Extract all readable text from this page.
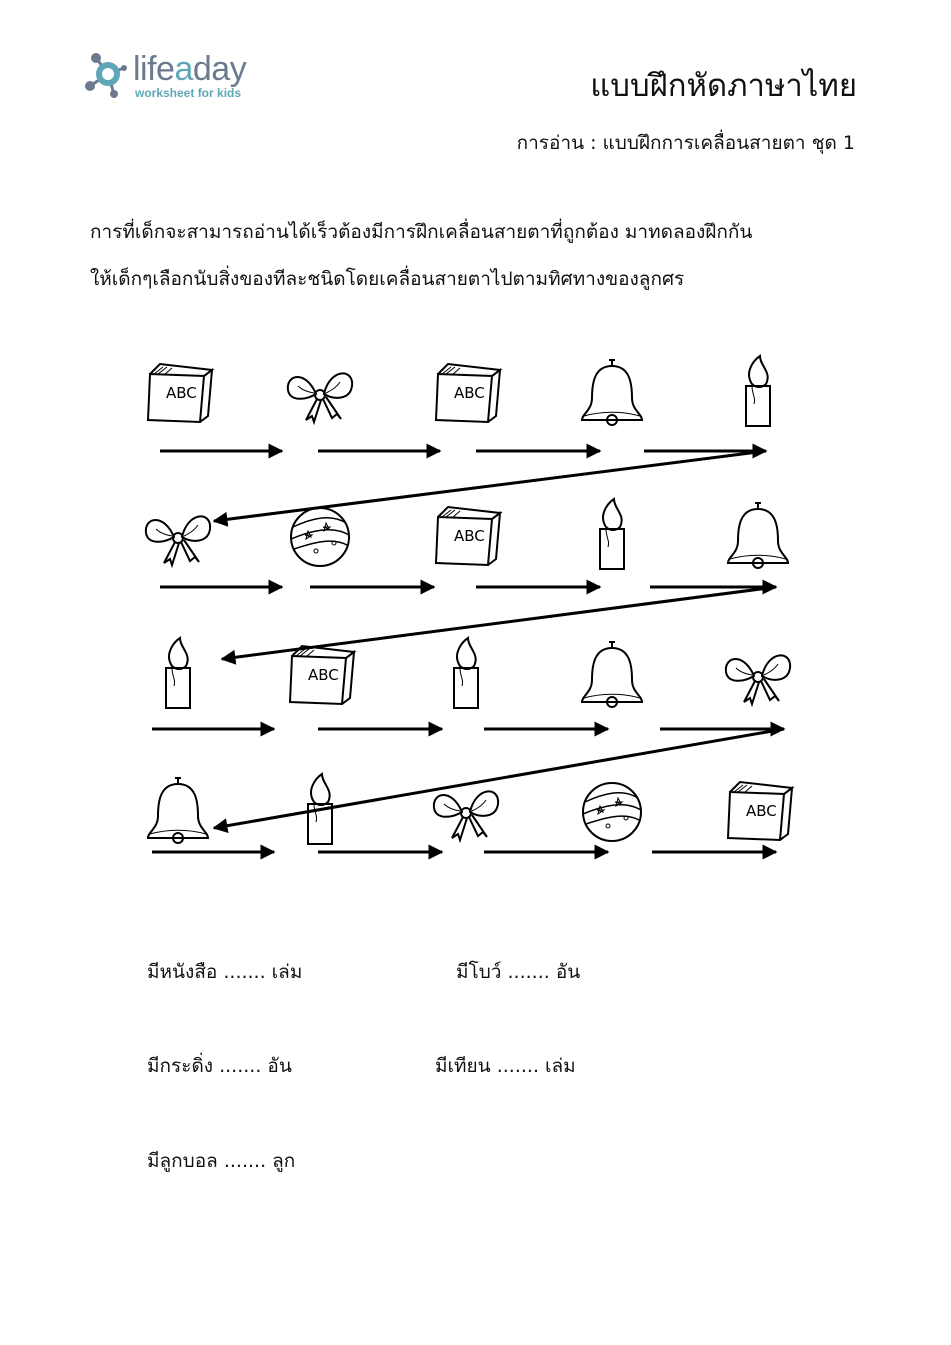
lifeaday
worksheet for kids	แบบฝึกหัดภาษาไทย
การอ่าน : แบบฝึกการเคลื่อนสายตา ชุด 1
การที่เด็กจะสามารถอ่านได้เร็วต้องมีการฝึกเคลื่อนสายตาที่ถูกต้อง มาทดลองฝึกกัน
ให้เด็กๆเลือกนับสิ่งของทีละชนิดโดยเคลื่อนสายตาไปตามทิศทางของลูกศร
ABC	ABC
ABC
ABC
ABC
มีหนังสือ ....... เล่ม	มีโบว์ ....... อัน
มีกระดิ่ง ....... อัน	มีเทียน ....... เล่ม
มีลูกบอล ....... ลูก
